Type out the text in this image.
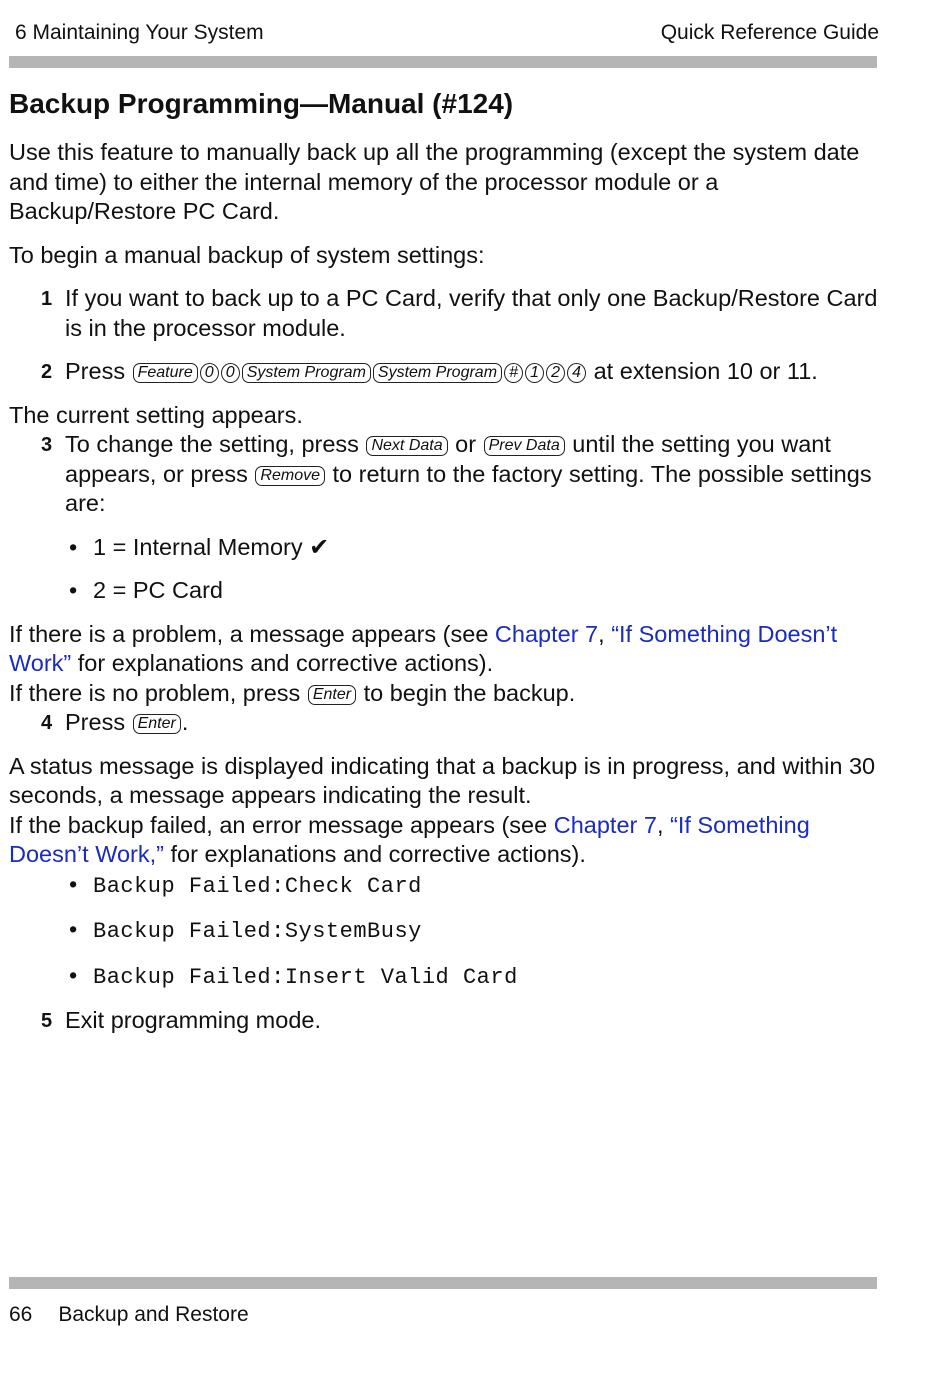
6 Maintaining Your System	Quick Reference Guide
Backup Programming—Manual (#124)

Use this feature to manually back up all the programming (except the system date and time) to either the internal memory of the processor module or a Backup/Restore PC Card.

To begin a manual backup of system settings:

1 If you want to back up to a PC Card, verify that only one Backup/Restore Card is in the processor module.
2 Press Feature 0 0 System Program System Program # 1 2 4 at extension 10 or 11.

The current setting appears.

3 To change the setting, press Next Data or Prev Data until the setting you want appears, or press Remove to return to the factory setting. The possible settings are:
• 1 = Internal Memory ✔
• 2 = PC Card

If there is a problem, a message appears (see Chapter 7, “If Something Doesn’t Work” for explanations and corrective actions).

If there is no problem, press Enter to begin the backup.

4 Press Enter .

A status message is displayed indicating that a backup is in progress, and within 30 seconds, a message appears indicating the result.

If the backup failed, an error message appears (see Chapter 7, “If Something Doesn’t Work,” for explanations and corrective actions).

• Backup Failed:Check Card
• Backup Failed:SystemBusy
• Backup Failed:Insert Valid Card
5 Exit programming mode.
66 Backup and Restore
